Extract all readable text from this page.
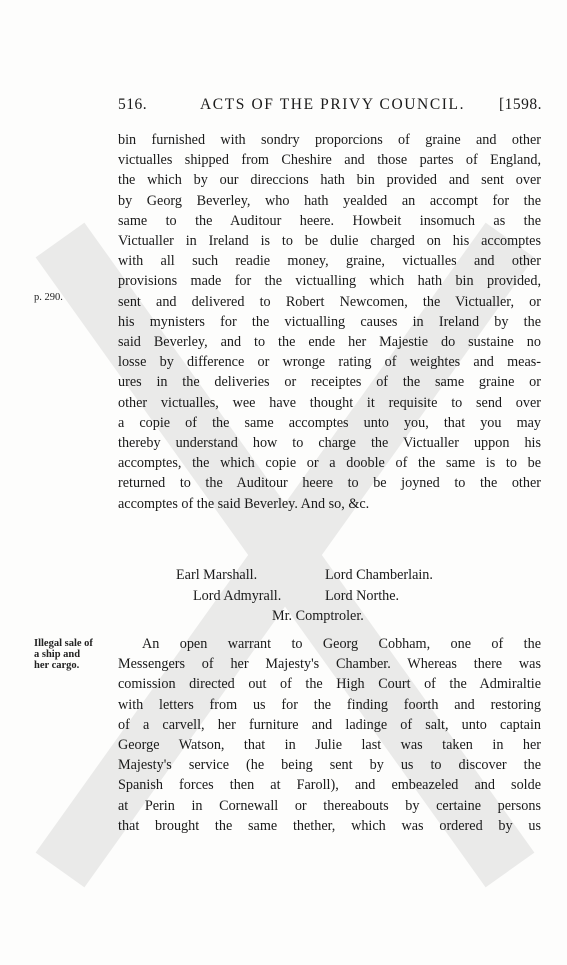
516.	ACTS OF THE PRIVY COUNCIL. [1598.
bin furnished with sondry proporcions of graine and other
victualles shipped from Cheshire and those partes of England,
the which by our direccions hath bin provided and sent over
by Georg Beverley, who hath yealded an accompt for the
same to the Auditour heere. Howbeit insomuch as the
Victualler in Ireland is to be dulie charged on his accomptes
with all such readie money, graine, victualles and other
provisions made for the victualling which hath bin provided,
sent and delivered to Robert Newcomen, the Victualler, or
his mynisters for the victualling causes in Ireland by the
said Beverley, and to the ende her Majestie do sustaine no
losse by difference or wronge rating of weightes and meas-
ures in the deliveries or receiptes of the same graine or
other victualles, wee have thought it requisite to send over
a copie of the same accomptes unto you, that you may
thereby understand how to charge the Victualler uppon his
accomptes, the which copie or a dooble of the same is to be
returned to the Auditour heere to be joyned to the other
accomptes of the said Beverley. And so, &c.
p. 290.
Earl Marshall.	Lord Chamberlain.
Lord Admyrall.	Lord Northe.
Mr. Comptroler.
Illegal sale of
a ship and
her cargo.
An open warrant to Georg Cobham, one of the
Messengers of her Majesty's Chamber. Whereas there was
comission directed out of the High Court of the Admiraltie
with letters from us for the finding foorth and restoring
of a carvell, her furniture and ladinge of salt, unto captain
George Watson, that in Julie last was taken in her
Majesty's service (he being sent by us to discover the
Spanish forces then at Faroll), and embeazeled and solde
at Perin in Cornewall or thereabouts by certaine persons
that brought the same thether, which was ordered by us
